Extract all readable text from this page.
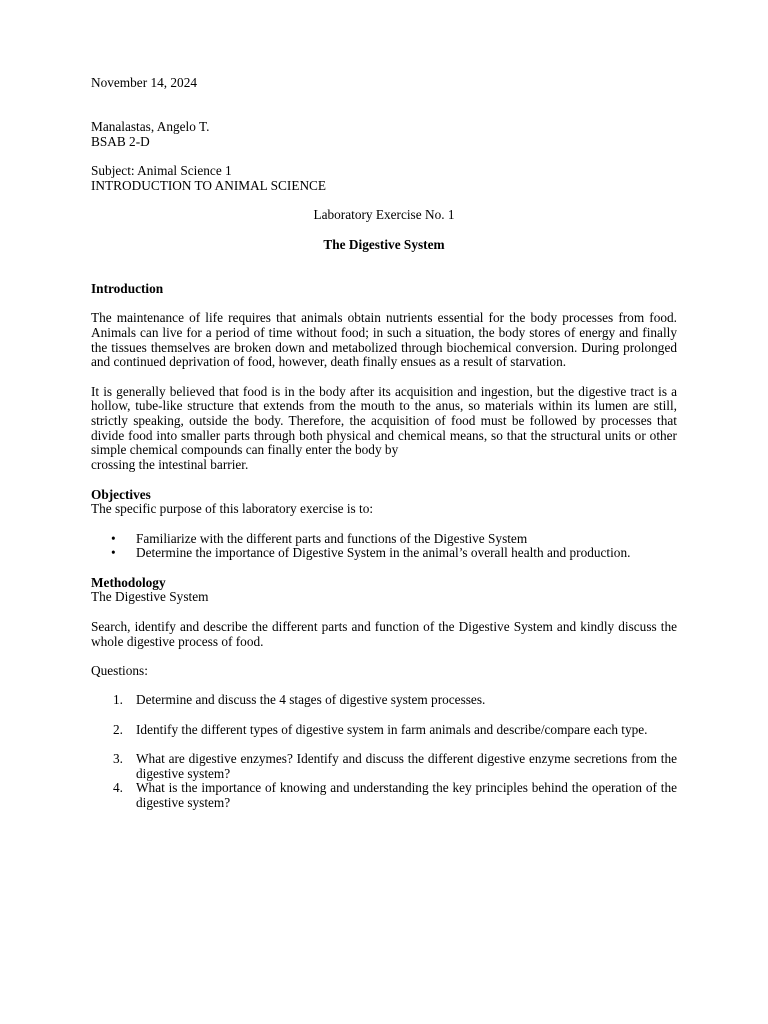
November 14, 2024

Manalastas, Angelo T.

BSAB 2-D

Subject: Animal Science 1

INTRODUCTION TO ANIMAL SCIENCE

Laboratory Exercise No. 1

The Digestive System

Introduction

The maintenance of life requires that animals obtain nutrients essential for the body processes from food. Animals can live for a period of time without food; in such a situation, the body stores of energy and finally the tissues themselves are broken down and metabolized through biochemical conversion. During prolonged and continued deprivation of food, however, death finally ensues as a result of starvation.

It is generally believed that food is in the body after its acquisition and ingestion, but the digestive tract is a hollow, tube-like structure that extends from the mouth to the anus, so materials within its lumen are still, strictly speaking, outside the body. Therefore, the acquisition of food must be followed by processes that divide food into smaller parts through both physical and chemical means, so that the structural units or other simple chemical compounds can finally enter the body by

crossing the intestinal barrier.

Objectives

The specific purpose of this laboratory exercise is to:

• Familiarize with the different parts and functions of the Digestive System
• Determine the importance of Digestive System in the animal’s overall health and production.

Methodology

The Digestive System

Search, identify and describe the different parts and function of the Digestive System and kindly discuss the whole digestive process of food.

Questions:

1. Determine and discuss the 4 stages of digestive system processes.
2. Identify the different types of digestive system in farm animals and describe/compare each type.
3. What are digestive enzymes? Identify and discuss the different digestive enzyme secretions from the digestive system?
4. What is the importance of knowing and understanding the key principles behind the operation of the digestive system?
